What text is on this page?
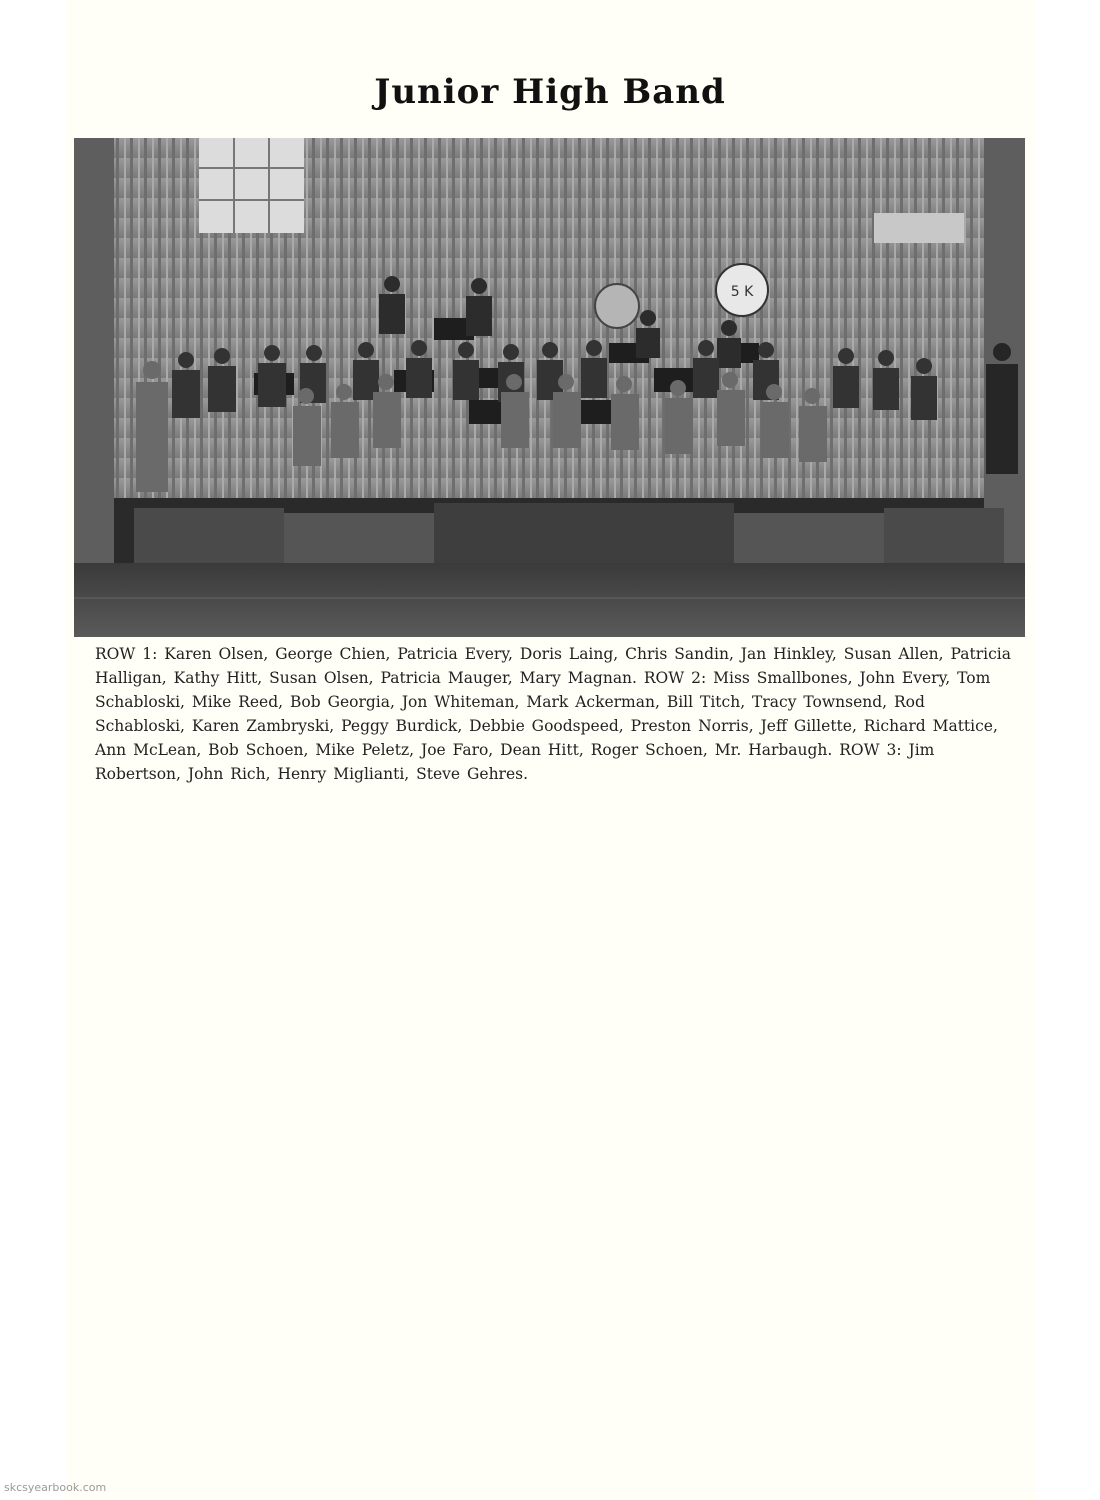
Junior High Band
5 K
ROW 1: Karen Olsen, George Chien, Patricia Every, Doris Laing, Chris Sandin, Jan Hinkley, Susan Allen, Patricia Halligan, Kathy Hitt, Susan Olsen, Patricia Mauger, Mary Magnan. ROW 2: Miss Smallbones, John Every, Tom Schabloski, Mike Reed, Bob Georgia, Jon Whiteman, Mark Ackerman, Bill Titch, Tracy Townsend, Rod Schabloski, Karen Zambryski, Peggy Burdick, Debbie Goodspeed, Preston Norris, Jeff Gillette, Richard Mattice, Ann McLean, Bob Schoen, Mike Peletz, Joe Faro, Dean Hitt, Roger Schoen, Mr. Harbaugh. ROW 3: Jim Robertson, John Rich, Henry Miglianti, Steve Gehres.
skcsyearbook.com
